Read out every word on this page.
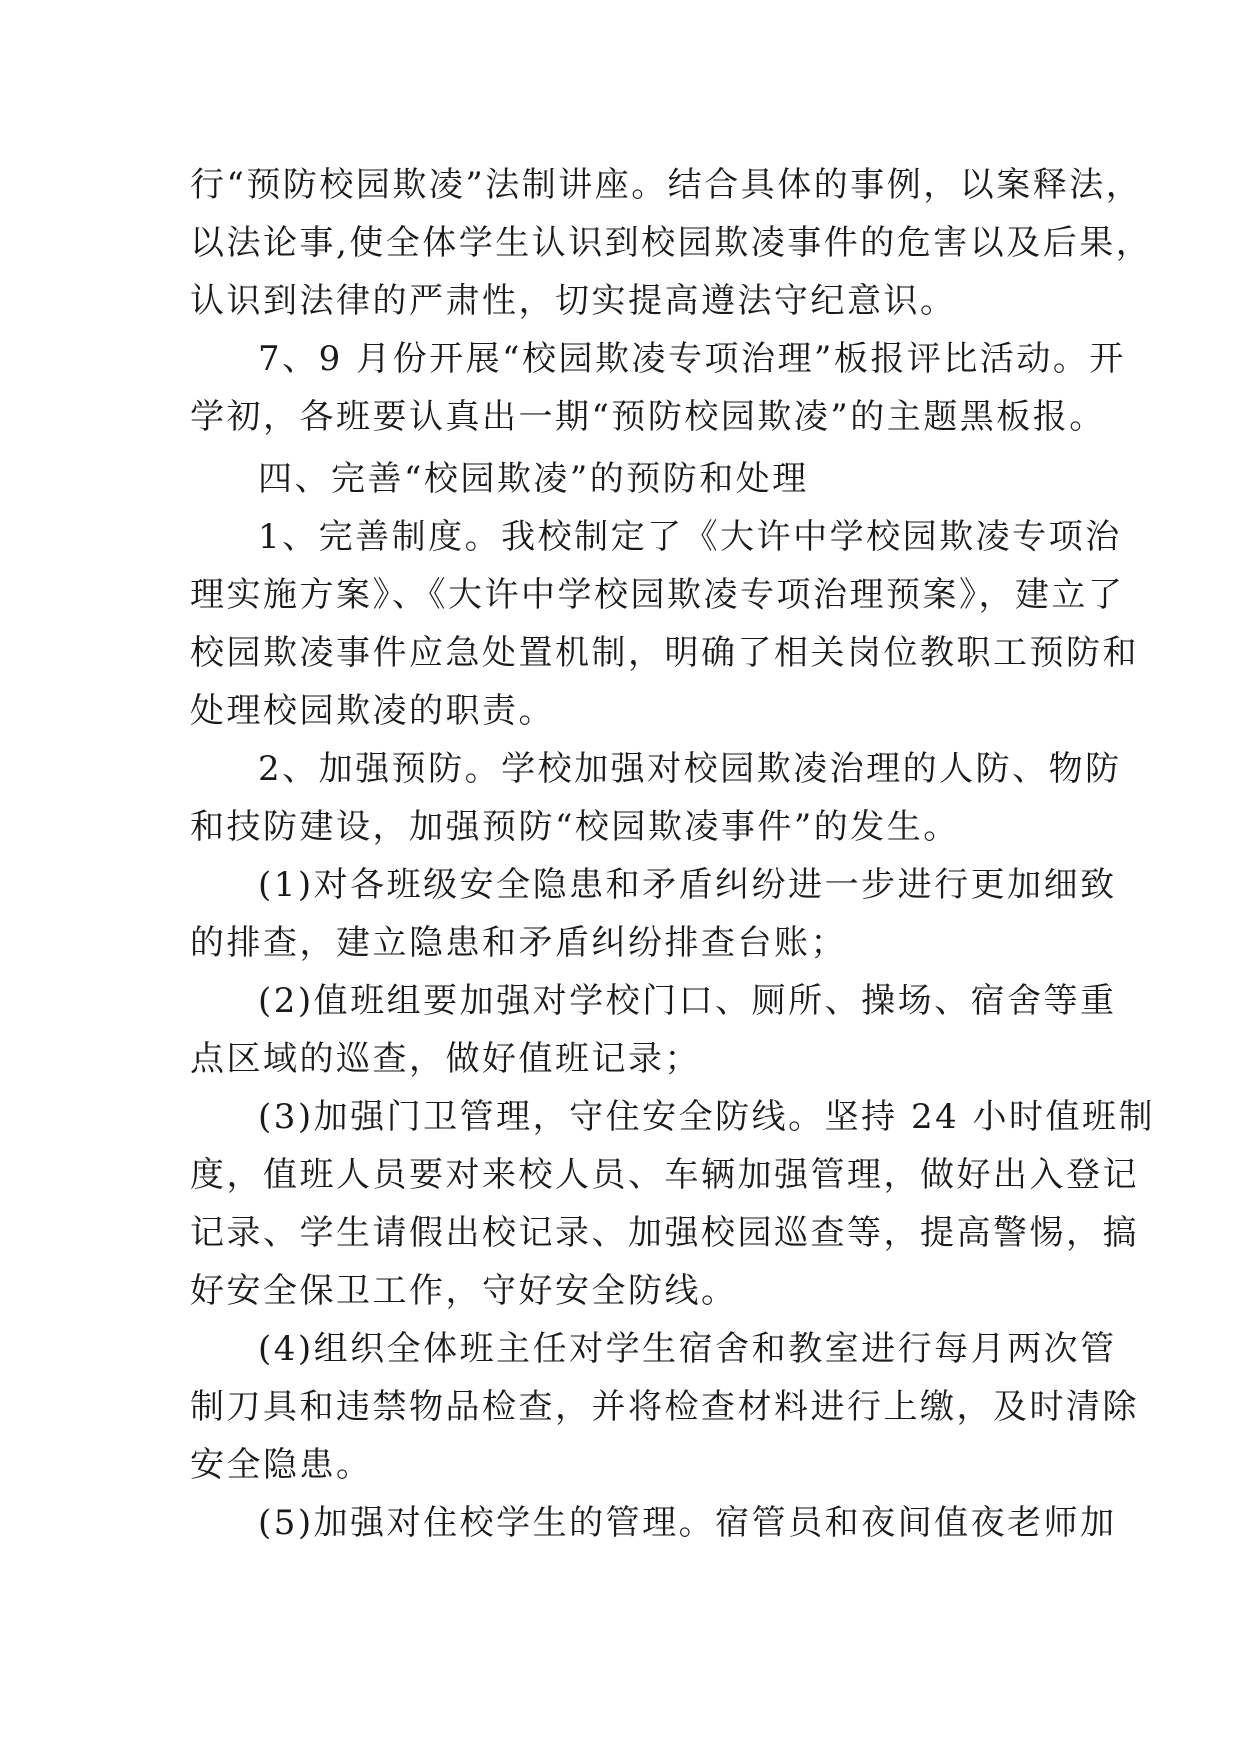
行“预防校园欺凌”法制讲座。结合具体的事例，以案释法，
以法论事,使全体学生认识到校园欺凌事件的危害以及后果，
认识到法律的严肃性，切实提高遵法守纪意识。

7、9 月份开展“校园欺凌专项治理”板报评比活动。开
学初，各班要认真出一期“预防校园欺凌”的主题黑板报。

四、完善“校园欺凌”的预防和处理

1、完善制度。我校制定了《大许中学校园欺凌专项治
理实施方案》、《大许中学校园欺凌专项治理预案》，建立了
校园欺凌事件应急处置机制，明确了相关岗位教职工预防和
处理校园欺凌的职责。

2、加强预防。学校加强对校园欺凌治理的人防、物防
和技防建设，加强预防“校园欺凌事件”的发生。

(1)对各班级安全隐患和矛盾纠纷进一步进行更加细致
的排查，建立隐患和矛盾纠纷排查台账；

(2)值班组要加强对学校门口、厕所、操场、宿舍等重
点区域的巡查，做好值班记录；

(3)加强门卫管理，守住安全防线。坚持 24 小时值班制
度，值班人员要对来校人员、车辆加强管理，做好出入登记
记录、学生请假出校记录、加强校园巡查等，提高警惕，搞
好安全保卫工作，守好安全防线。

(4)组织全体班主任对学生宿舍和教室进行每月两次管
制刀具和违禁物品检查，并将检查材料进行上缴，及时清除
安全隐患。

(5)加强对住校学生的管理。宿管员和夜间值夜老师加
